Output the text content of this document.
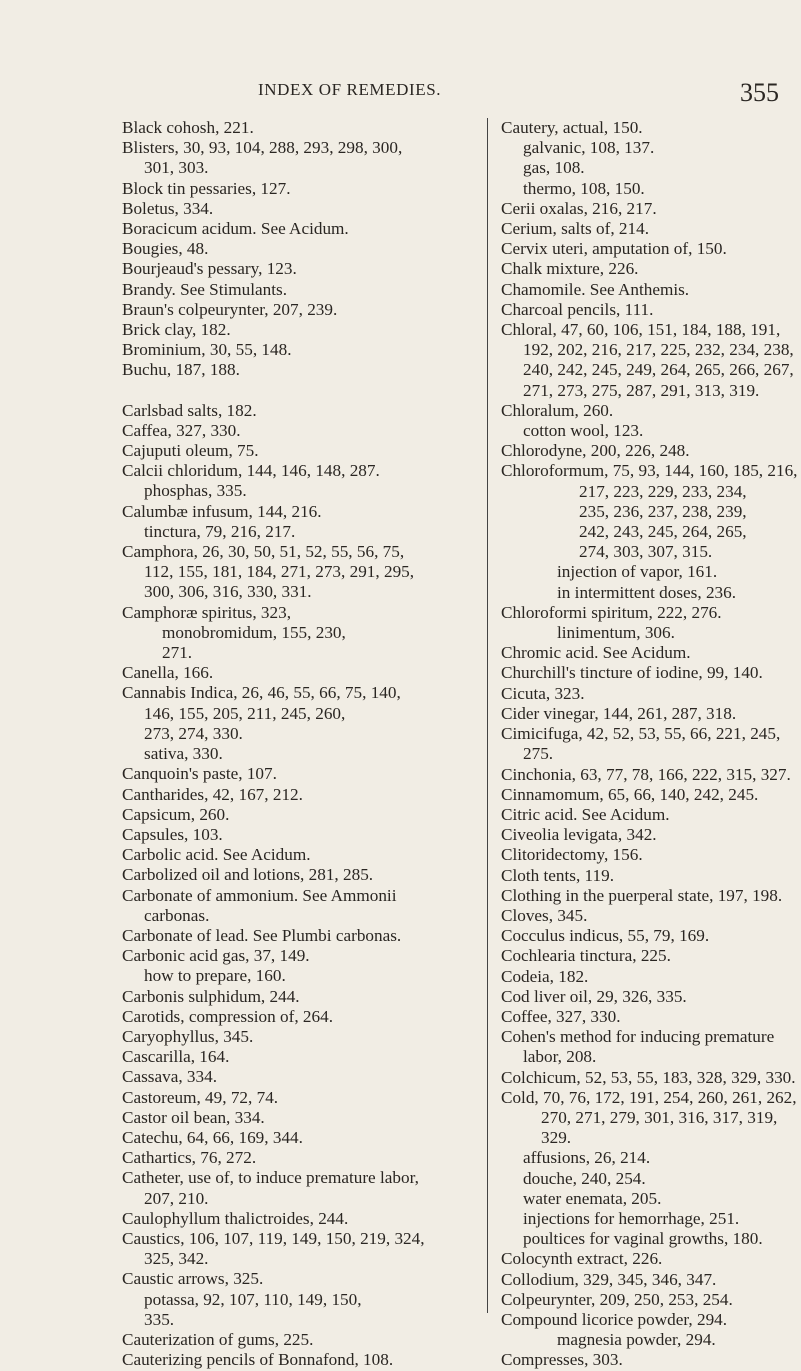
INDEX OF REMEDIES.	355
Black cohosh, 221.
Blisters, 30, 93, 104, 288, 293, 298, 300,
301, 303.
Block tin pessaries, 127.
Boletus, 334.
Boracicum acidum. See Acidum.
Bougies, 48.
Bourjeaud's pessary, 123.
Brandy. See Stimulants.
Braun's colpeurynter, 207, 239.
Brick clay, 182.
Brominium, 30, 55, 148.
Buchu, 187, 188.
Carlsbad salts, 182.
Caffea, 327, 330.
Cajuputi oleum, 75.
Calcii chloridum, 144, 146, 148, 287.
phosphas, 335.
Calumbæ infusum, 144, 216.
tinctura, 79, 216, 217.
Camphora, 26, 30, 50, 51, 52, 55, 56, 75,
112, 155, 181, 184, 271, 273, 291, 295,
300, 306, 316, 330, 331.
Camphoræ spiritus, 323,
monobromidum, 155, 230,
271.
Canella, 166.
Cannabis Indica, 26, 46, 55, 66, 75, 140,
146, 155, 205, 211, 245, 260,
273, 274, 330.
sativa, 330.
Canquoin's paste, 107.
Cantharides, 42, 167, 212.
Capsicum, 260.
Capsules, 103.
Carbolic acid. See Acidum.
Carbolized oil and lotions, 281, 285.
Carbonate of ammonium. See Ammonii
carbonas.
Carbonate of lead. See Plumbi carbonas.
Carbonic acid gas, 37, 149.
how to prepare, 160.
Carbonis sulphidum, 244.
Carotids, compression of, 264.
Caryophyllus, 345.
Cascarilla, 164.
Cassava, 334.
Castoreum, 49, 72, 74.
Castor oil bean, 334.
Catechu, 64, 66, 169, 344.
Cathartics, 76, 272.
Catheter, use of, to induce premature labor,
207, 210.
Caulophyllum thalictroides, 244.
Caustics, 106, 107, 119, 149, 150, 219, 324,
325, 342.
Caustic arrows, 325.
potassa, 92, 107, 110, 149, 150,
335.
Cauterization of gums, 225.
Cauterizing pencils of Bonnafond, 108.
Cautery, actual, 150.
galvanic, 108, 137.
gas, 108.
thermo, 108, 150.
Cerii oxalas, 216, 217.
Cerium, salts of, 214.
Cervix uteri, amputation of, 150.
Chalk mixture, 226.
Chamomile. See Anthemis.
Charcoal pencils, 111.
Chloral, 47, 60, 106, 151, 184, 188, 191,
192, 202, 216, 217, 225, 232, 234, 238,
240, 242, 245, 249, 264, 265, 266, 267,
271, 273, 275, 287, 291, 313, 319.
Chloralum, 260.
cotton wool, 123.
Chlorodyne, 200, 226, 248.
Chloroformum, 75, 93, 144, 160, 185, 216,
217, 223, 229, 233, 234,
235, 236, 237, 238, 239,
242, 243, 245, 264, 265,
274, 303, 307, 315.
injection of vapor, 161.
in intermittent doses, 236.
Chloroformi spiritum, 222, 276.
linimentum, 306.
Chromic acid. See Acidum.
Churchill's tincture of iodine, 99, 140.
Cicuta, 323.
Cider vinegar, 144, 261, 287, 318.
Cimicifuga, 42, 52, 53, 55, 66, 221, 245,
275.
Cinchonia, 63, 77, 78, 166, 222, 315, 327.
Cinnamomum, 65, 66, 140, 242, 245.
Citric acid. See Acidum.
Civeolia levigata, 342.
Clitoridectomy, 156.
Cloth tents, 119.
Clothing in the puerperal state, 197, 198.
Cloves, 345.
Cocculus indicus, 55, 79, 169.
Cochlearia tinctura, 225.
Codeia, 182.
Cod liver oil, 29, 326, 335.
Coffee, 327, 330.
Cohen's method for inducing premature
labor, 208.
Colchicum, 52, 53, 55, 183, 328, 329, 330.
Cold, 70, 76, 172, 191, 254, 260, 261, 262,
270, 271, 279, 301, 316, 317, 319,
329.
affusions, 26, 214.
douche, 240, 254.
water enemata, 205.
injections for hemorrhage, 251.
poultices for vaginal growths, 180.
Colocynth extract, 226.
Collodium, 329, 345, 346, 347.
Colpeurynter, 209, 250, 253, 254.
Compound licorice powder, 294.
magnesia powder, 294.
Compresses, 303.
